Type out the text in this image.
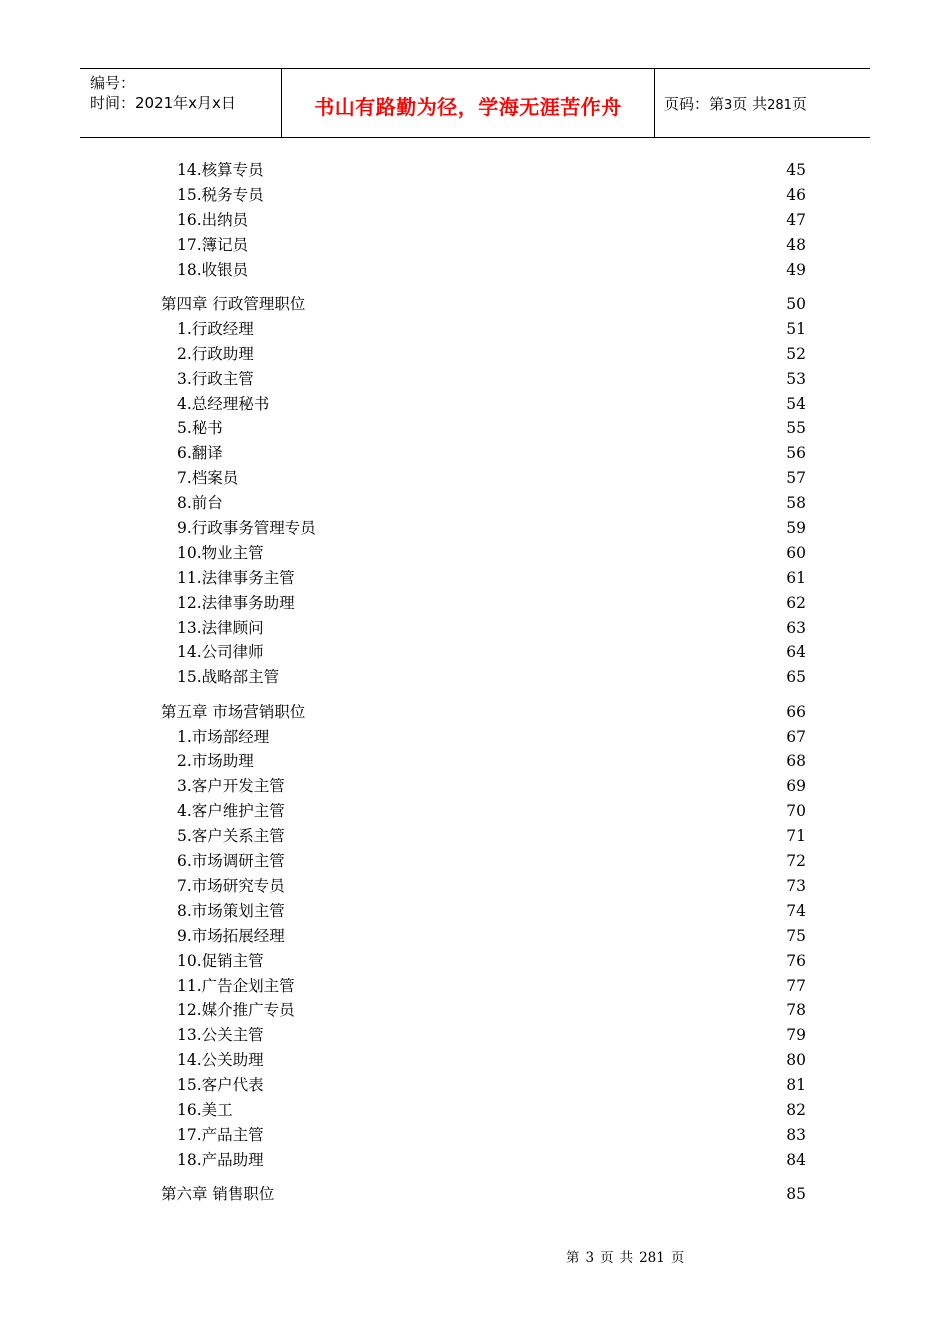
编号：
时间：2021年x月x日	书山有路勤为径，学海无涯苦作舟	页码：第3页 共281页
14.核算专员	45
15.税务专员	46
16.出纳员	47
17.簿记员	48
18.收银员	49
第四章 行政管理职位	50
1.行政经理	51
2.行政助理	52
3.行政主管	53
4.总经理秘书	54
5.秘书	55
6.翻译	56
7.档案员	57
8.前台	58
9.行政事务管理专员	59
10.物业主管	60
11.法律事务主管	61
12.法律事务助理	62
13.法律顾问	63
14.公司律师	64
15.战略部主管	65
第五章 市场营销职位	66
1.市场部经理	67
2.市场助理	68
3.客户开发主管	69
4.客户维护主管	70
5.客户关系主管	71
6.市场调研主管	72
7.市场研究专员	73
8.市场策划主管	74
9.市场拓展经理	75
10.促销主管	76
11.广告企划主管	77
12.媒介推广专员	78
13.公关主管	79
14.公关助理	80
15.客户代表	81
16.美工	82
17.产品主管	83
18.产品助理	84
第六章 销售职位	85
第 3 页 共 281 页
